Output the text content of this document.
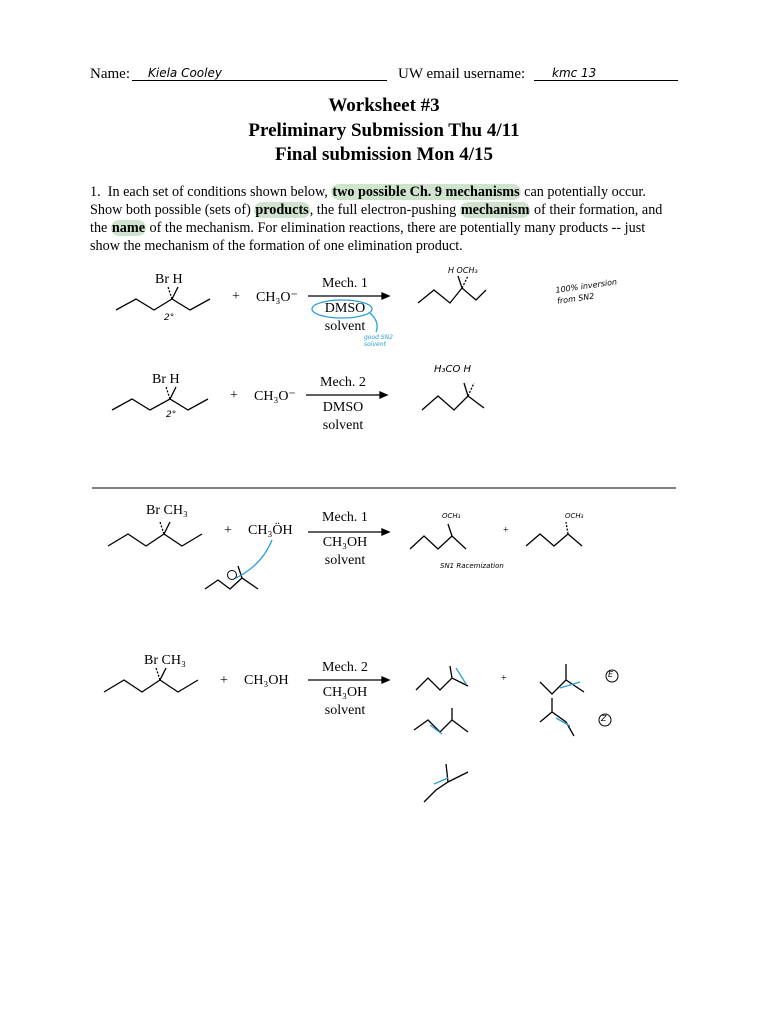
Name: Kiela Cooley	UW email username: kmc 13
Worksheet #3
Preliminary Submission Thu 4/11
Final submission Mon 4/15
1. In each set of conditions shown below, two possible Ch. 9 mechanisms can potentially occur. Show both possible (sets of) products, the full electron-pushing mechanism of their formation, and the name of the mechanism. For elimination reactions, there are potentially many products -- just show the mechanism of the formation of one elimination product.
Br H
2°
+ CH₃O⁻
Mech. 1
DMSO
solvent
good SN2 solvent
H OCH₃
100% inversion from SN2
Br H
2°
+ CH₃O⁻
Mech. 2
DMSO
solvent
H₃CO H
Br CH₃
+ CH₃ÖH
Mech. 1
CH₃OH
solvent
OCH₃
+
OCH₃
SN1 Racemization
Br CH₃
+ CH₃OH
Mech. 2
CH₃OH
solvent
+	E
Z
